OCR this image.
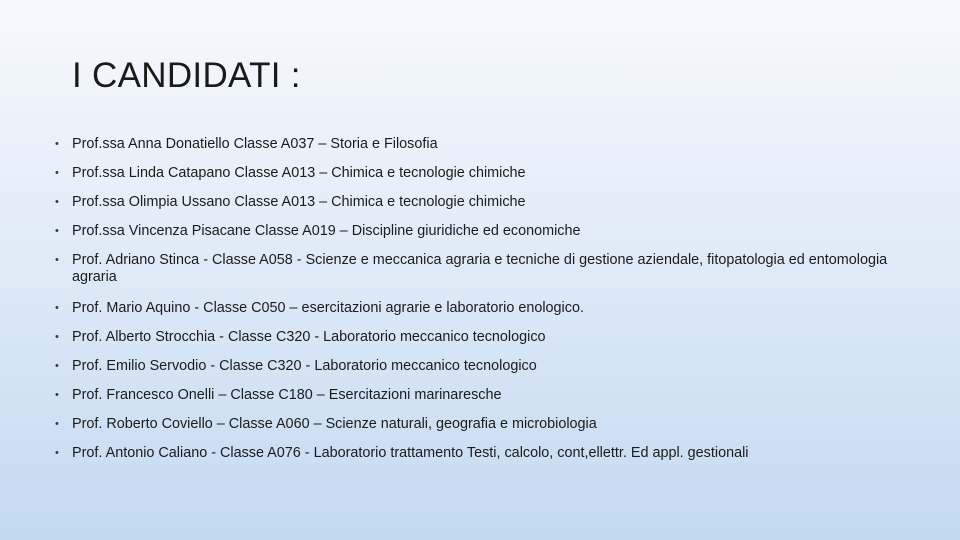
I CANDIDATI :
• Prof.ssa Anna Donatiello Classe A037 – Storia e Filosofia
• Prof.ssa Linda Catapano Classe A013 – Chimica e tecnologie chimiche
• Prof.ssa Olimpia Ussano Classe A013 – Chimica e tecnologie chimiche
• Prof.ssa Vincenza Pisacane Classe A019 – Discipline giuridiche ed economiche
• Prof. Adriano Stinca - Classe A058 - Scienze e meccanica agraria e tecniche di gestione aziendale, fitopatologia ed entomologia agraria
• Prof. Mario Aquino - Classe C050 – esercitazioni agrarie e laboratorio enologico.
• Prof. Alberto Strocchia - Classe C320 - Laboratorio meccanico tecnologico
• Prof. Emilio Servodio - Classe C320 - Laboratorio meccanico tecnologico
• Prof. Francesco Onelli – Classe C180 – Esercitazioni marinaresche
• Prof. Roberto Coviello – Classe A060 – Scienze naturali, geografia e microbiologia
• Prof. Antonio Caliano - Classe A076 - Laboratorio trattamento Testi, calcolo, cont,ellettr. Ed appl. gestionali
